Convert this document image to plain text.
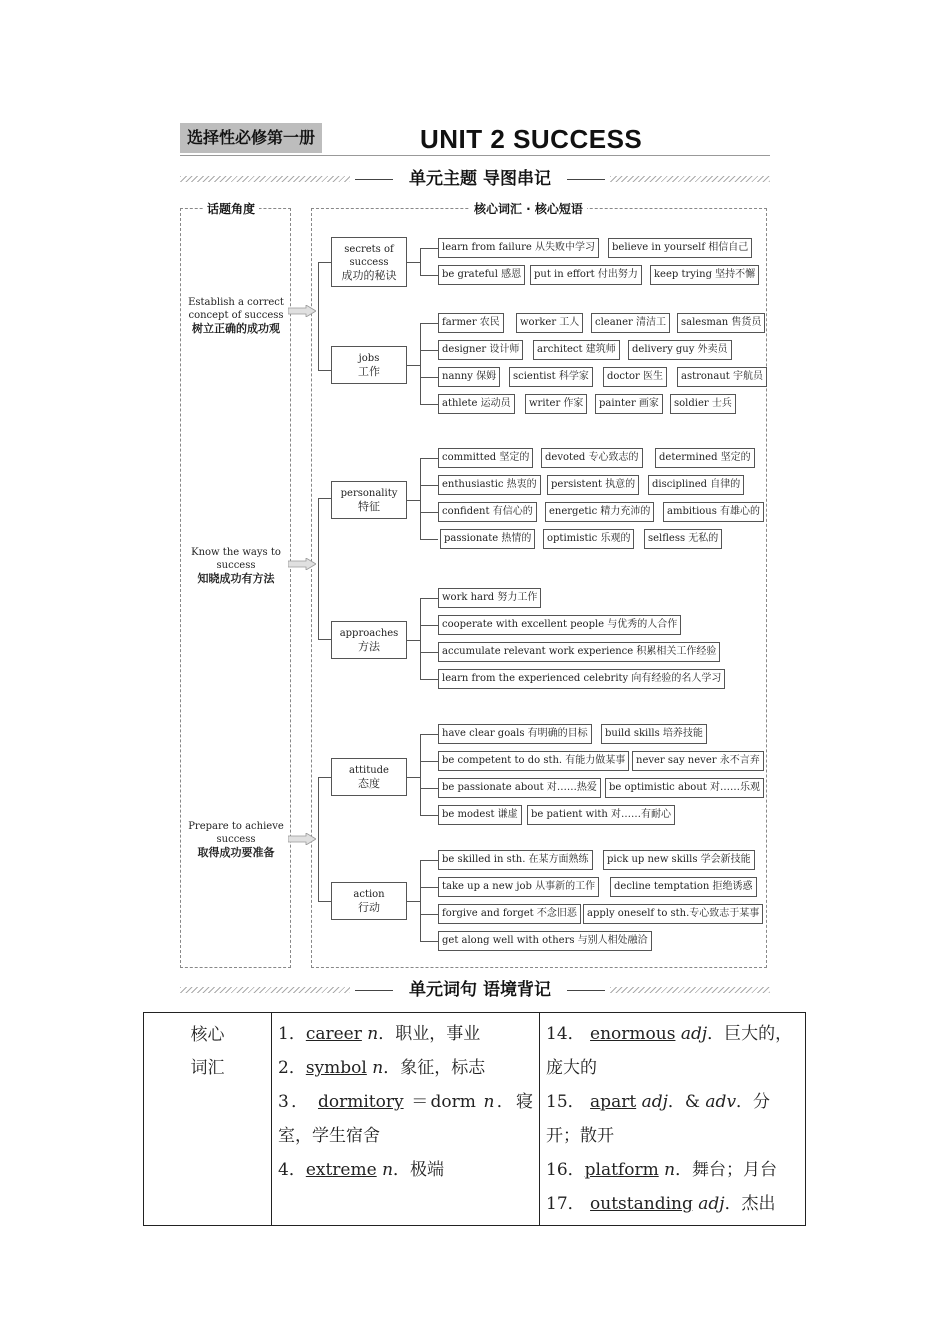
选择性必修第一册	UNIT 2 SUCCESS
单元主题 导图串记
话题角度	核心词汇 · 核心短语
Establish a correct
concept of success
树立正确的成功观
Know the ways to
success
知晓成功有方法
Prepare to achieve
success
取得成功要准备
secrets of success
成功的秘诀
jobs
工作
personality
特征
approaches
方法
attitude
态度
action
行动
learn from failure 从失败中学习	believe in yourself 相信自己
be grateful 感恩	put in effort 付出努力	keep trying 坚持不懈
farmer 农民	worker 工人	cleaner 清洁工	salesman 售货员
designer 设计师	architect 建筑师	delivery guy 外卖员
nanny 保姆	scientist 科学家	doctor 医生	astronaut 宇航员
athlete 运动员	writer 作家	painter 画家	soldier 士兵
committed 坚定的	devoted 专心致志的	determined 坚定的
enthusiastic 热衷的	persistent 执意的	disciplined 自律的
confident 有信心的	energetic 精力充沛的	ambitious 有雄心的
passionate 热情的	optimistic 乐观的	selfless 无私的
work hard 努力工作
cooperate with excellent people 与优秀的人合作
accumulate relevant work experience 积累相关工作经验
learn from the experienced celebrity 向有经验的名人学习
have clear goals 有明确的目标	build skills 培养技能
be competent to do sth. 有能力做某事	never say never 永不言弃
be passionate about 对……热爱	be optimistic about 对……乐观
be modest 谦虚	be patient with 对……有耐心
be skilled in sth. 在某方面熟练	pick up new skills 学会新技能
take up a new job 从事新的工作	decline temptation 拒绝诱惑
forgive and forget 不念旧恶	apply oneself to sth.专心致志于某事
get along well with others 与别人相处融洽
单元词句 语境背记
核心
词汇

1．career n．职业，事业
2．symbol n．象征，标志
3． dormitory ＝dorm n．寝室，学生宿舍
4．extreme n．极端

14． enormous adj．巨大的，庞大的
15． apart adj．& adv．分开；散开
16．platform n．舞台；月台
17． outstanding adj．杰出
